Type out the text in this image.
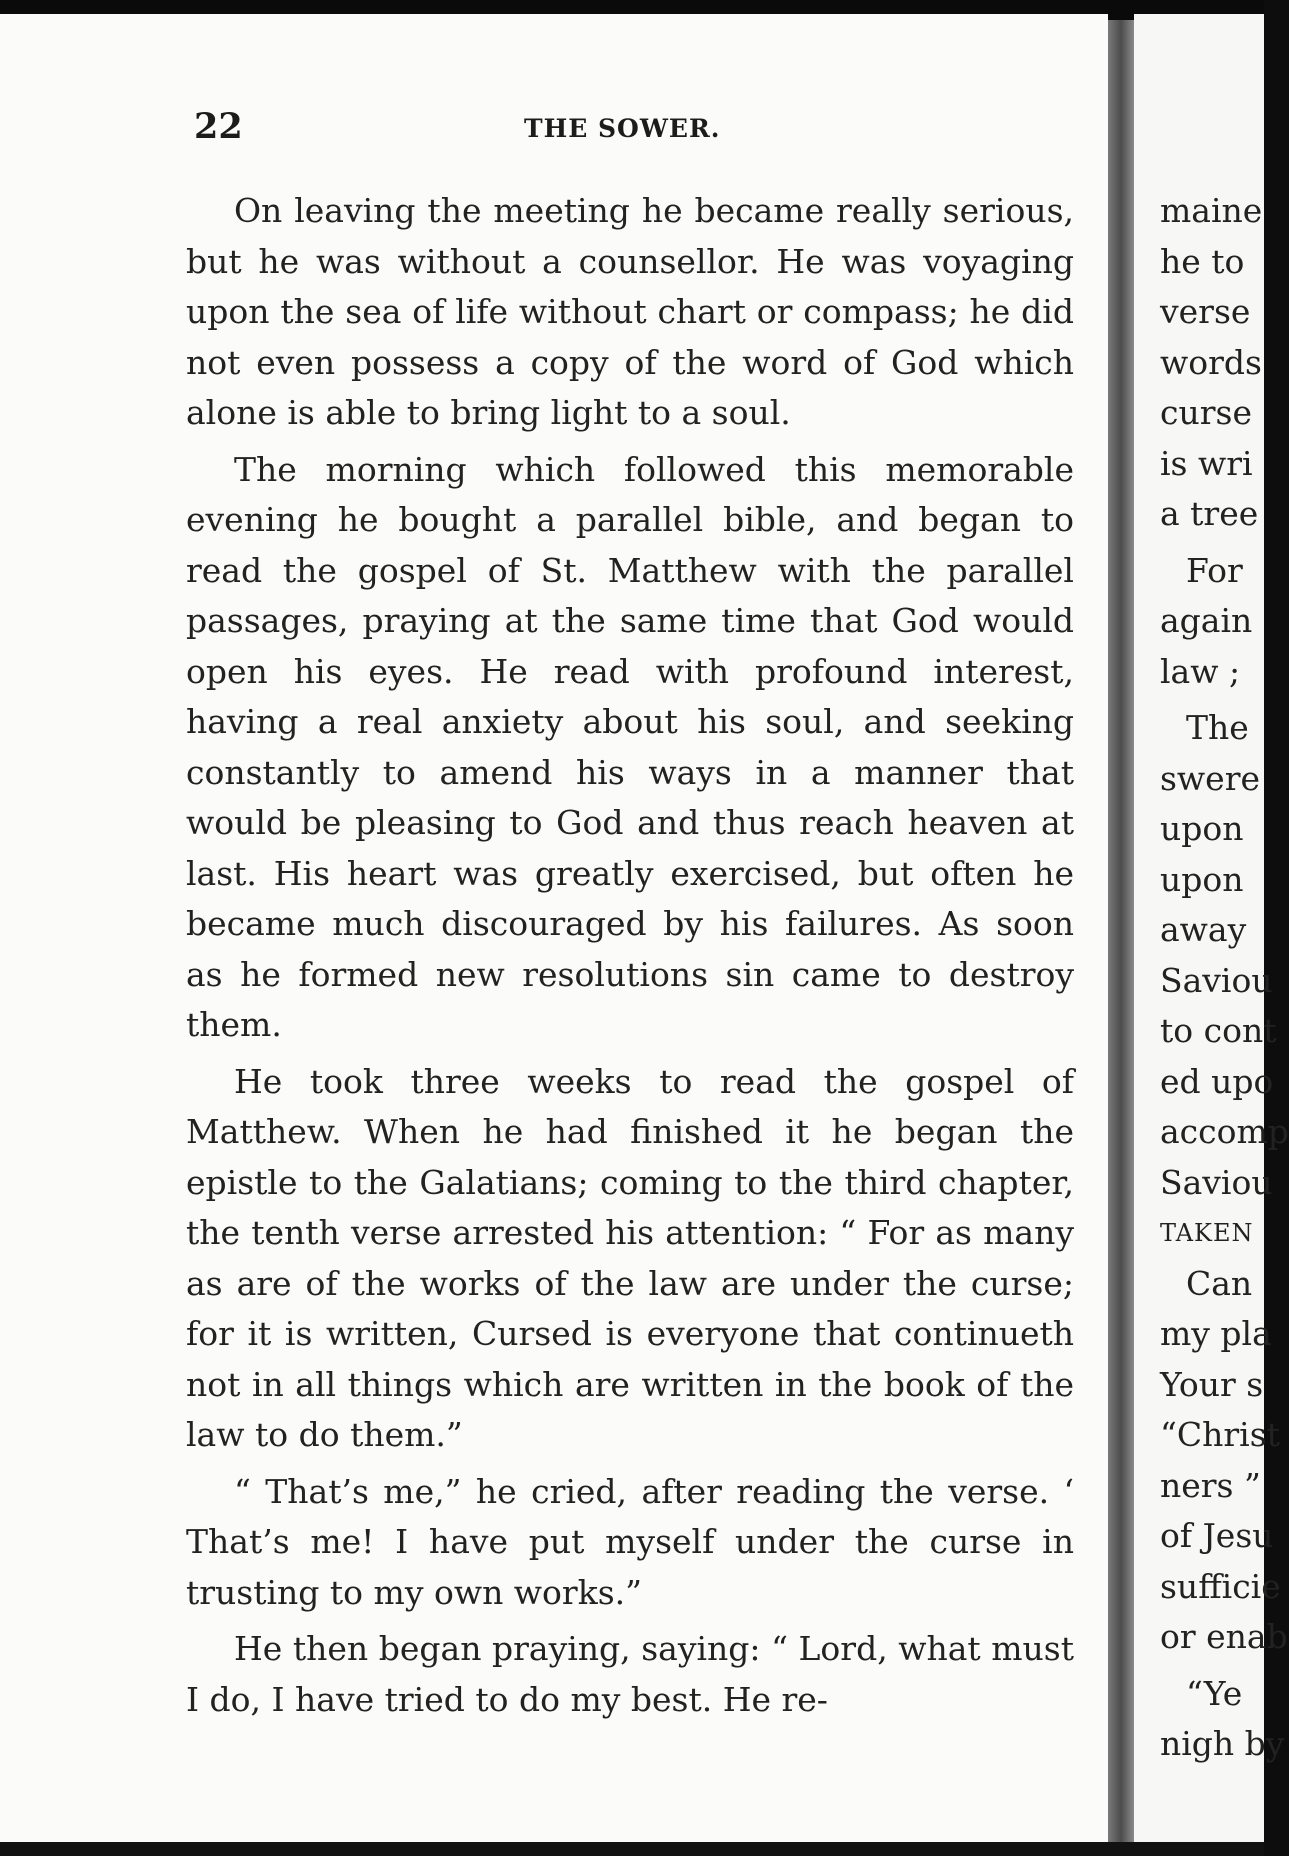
22	THE SOWER.

On leaving the meeting he became really serious, but he was without a counsellor. He was voyaging upon the sea of life without chart or compass; he did not even possess a copy of the word of God which alone is able to bring light to a soul.

The morning which followed this memorable evening he bought a parallel bible, and began to read the gospel of St. Matthew with the parallel passages, praying at the same time that God would open his eyes. He read with profound interest, having a real anxiety about his soul, and seeking constantly to amend his ways in a manner that would be pleasing to God and thus reach heaven at last. His heart was greatly exercised, but often he became much discouraged by his failures. As soon as he formed new resolutions sin came to destroy them.

He took three weeks to read the gospel of Matthew. When he had finished it he began the epistle to the Galatians; coming to the third chapter, the tenth verse arrested his attention: “ For as many as are of the works of the law are under the curse; for it is written, Cursed is everyone that continueth not in all things which are written in the book of the law to do them.”

“ That’s me,” he cried, after reading the verse. ‘ That’s me! I have put myself under the curse in trusting to my own works.”

He then began praying, saying: “ Lord, what must I do, I have tried to do my best. He re-

maine
he to
verse
words
curse
is wri
a tree
For
again
law ;
The
swere
upon
upon
away
Saviou
to cont
ed upo
accomp
Saviou
TAKEN
Can
my pla
Your s
“Christ
ners ”
of Jesu
sufficie
or enab
“Ye
nigh by
